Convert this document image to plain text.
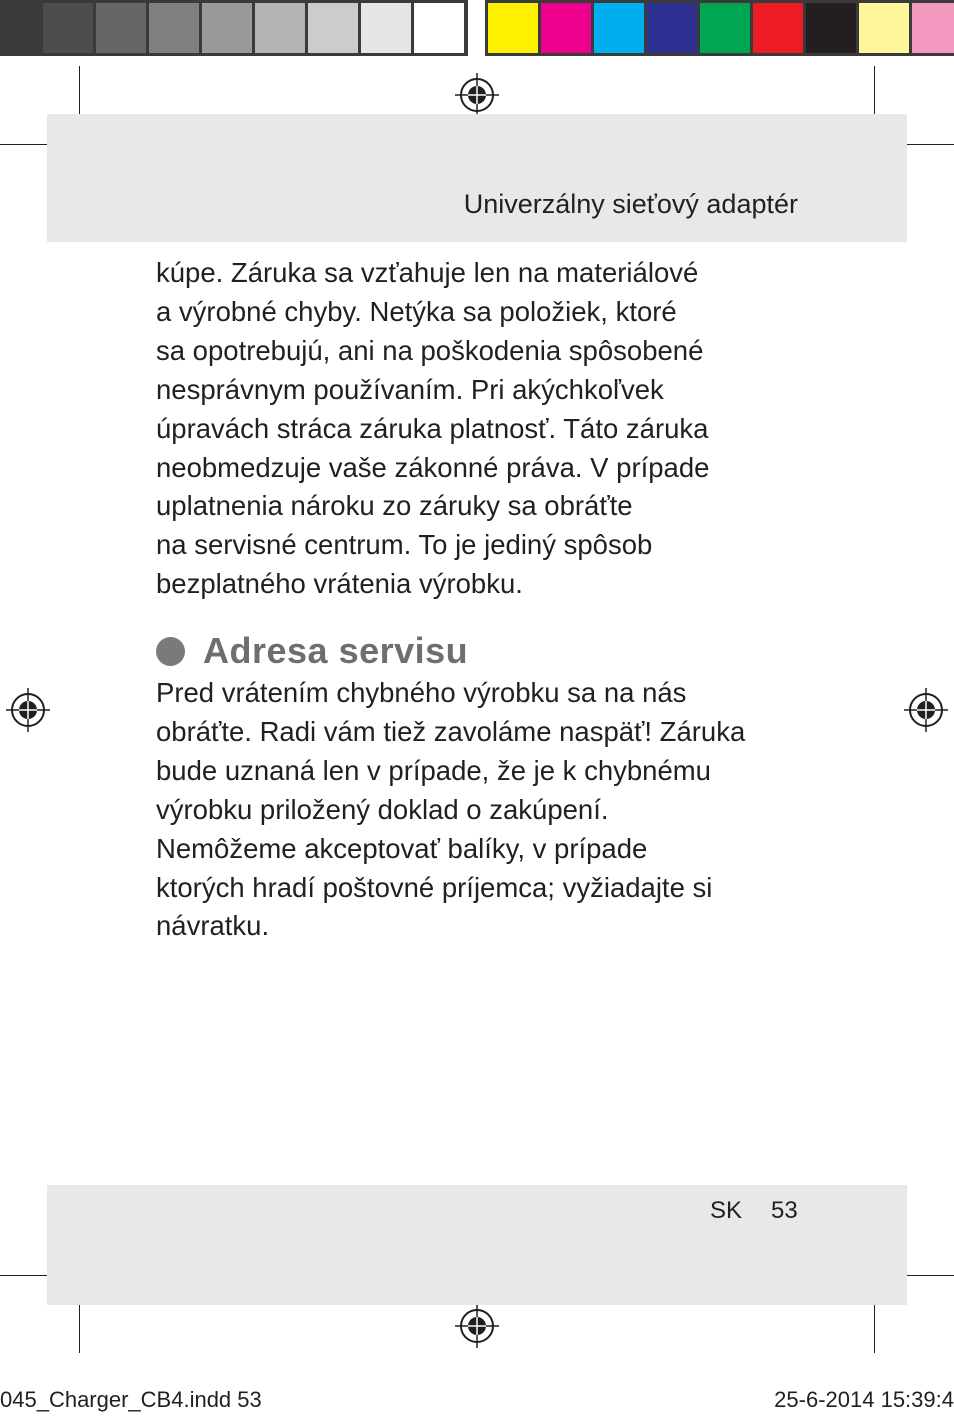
Univerzálny sieťový adaptér
kúpe. Záruka sa vzťahuje len na materiálové
a výrobné chyby. Netýka sa položiek, ktoré
sa opotrebujú, ani na poškodenia spôsobené
nesprávnym používaním. Pri akýchkoľvek
úpravách stráca záruka platnosť. Táto záruka
neobmedzuje vaše zákonné práva. V prípade
uplatnenia nároku zo záruky sa obráťte
na servisné centrum. To je jediný spôsob
bezplatného vrátenia výrobku.
Adresa servisu
Pred vrátením chybného výrobku sa na nás
obráťte. Radi vám tiež zavoláme naspäť! Záruka
bude uznaná len v prípade, že je k chybnému
výrobku priložený doklad o zakúpení.
Nemôžeme akceptovať balíky, v prípade
ktorých hradí poštovné príjemca; vyžiadajte si
návratku.
SK 53
045_Charger_CB4.indd 53	25-6-2014 15:39:4
